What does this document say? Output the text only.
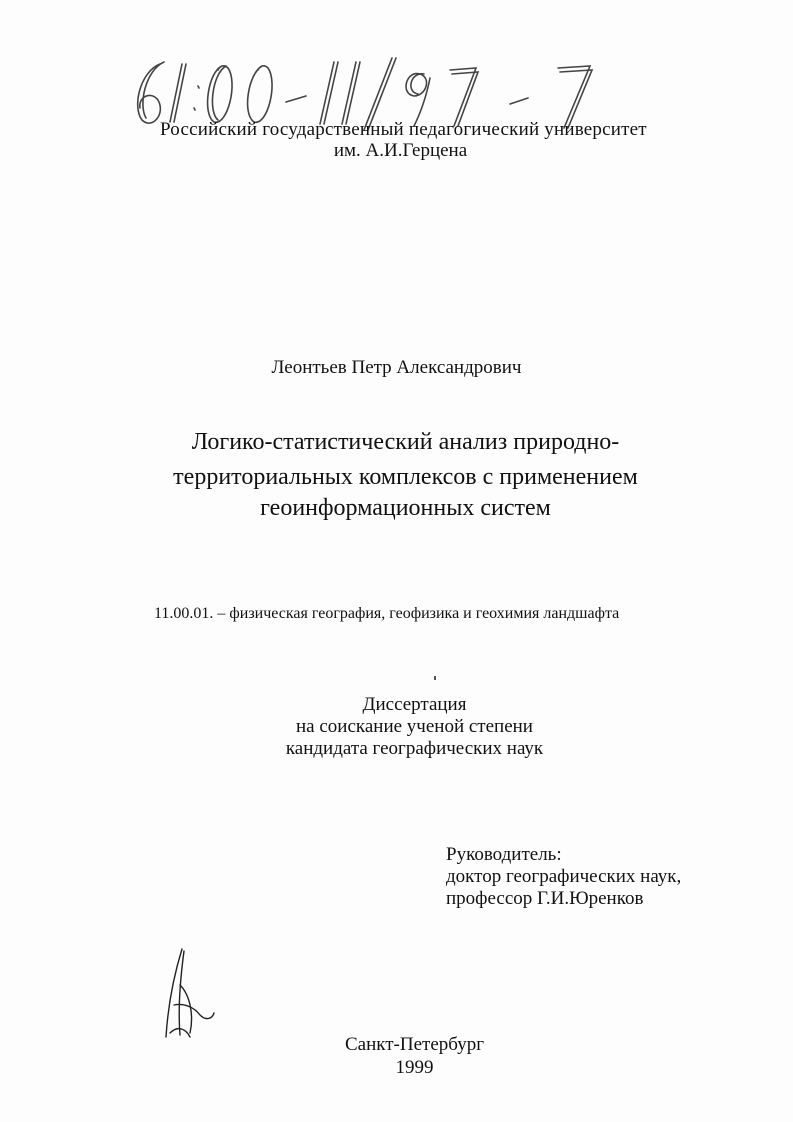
Российский государственный педагогический университет
им. А.И.Герцена
Леонтьев Петр Александрович
Логико-статистический анализ природно-
территориальных комплексов с применением
геоинформационных систем
11.00.01. – физическая география, геофизика и геохимия ландшафта
Диссертация
на соискание ученой степени
кандидата географических наук
Руководитель:
доктор географических наук,
профессор Г.И.Юренков
Санкт-Петербург
1999
